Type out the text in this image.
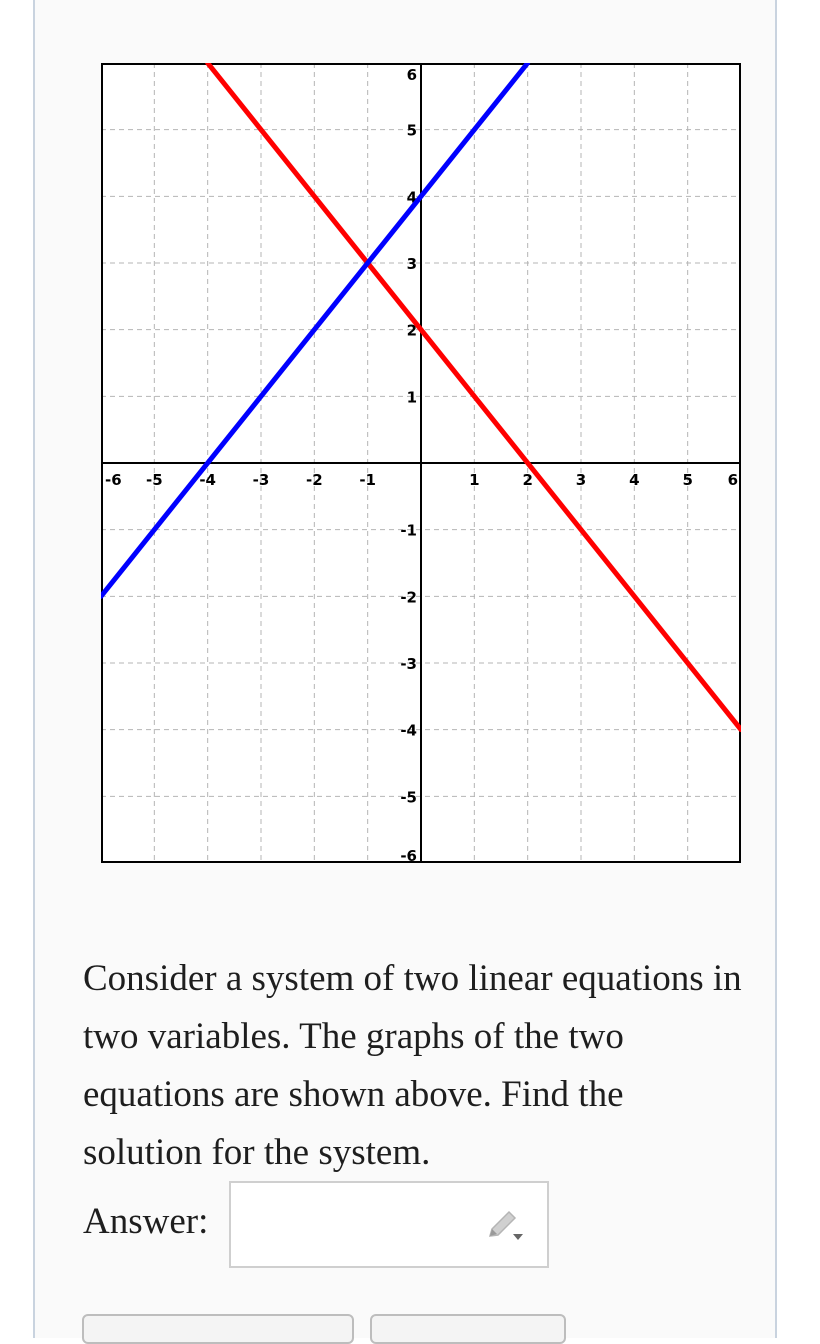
-6 -5 -4 -3 -2 -1	1	2	3	4	5 6
-6
-5
-4
-3
-2
-1
1
2
3
4
5
6

Consider a system of two linear equations in two variables. The graphs of the two equations are shown above. Find the solution for the system.

Answer:
